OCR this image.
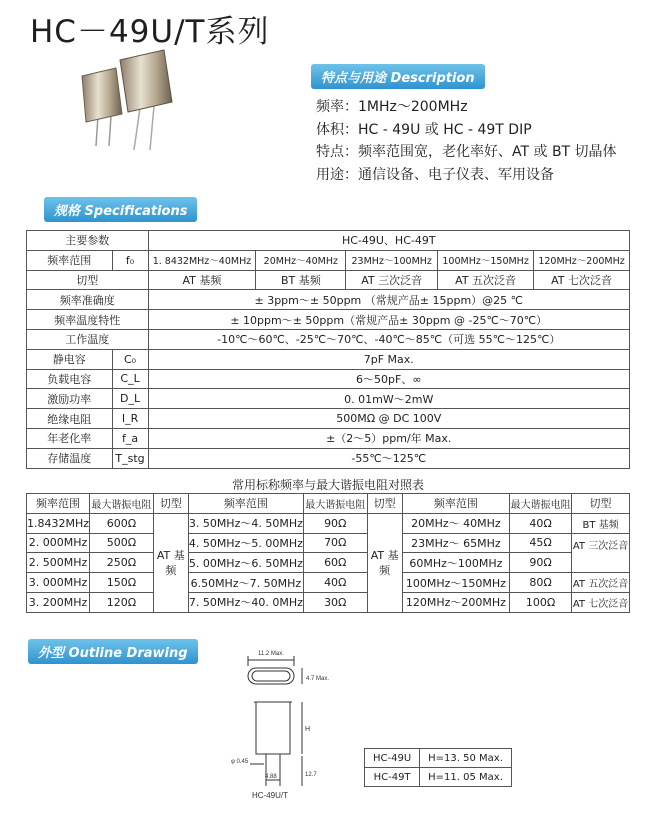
HC－49U/T系列
特点与用途 Description
频率：1MHz～200MHz
体积：HC - 49U 或 HC - 49T DIP
特点：频率范围宽，老化率好、AT 或 BT 切晶体
用途：通信设备、电子仪表、军用设备
规格 Specifications
主要参数		HC-49U、HC-49T				
频率范围	f₀	1. 8432MHz～40MHz	20MHz～40MHz	23MHz～100MHz	100MHz～150MHz	120MHz～200MHz
切型		AT 基频	BT 基频	AT 三次泛音	AT 五次泛音	AT 七次泛音
频率准确度		± 3ppm～± 50ppm （常规产品± 15ppm）@25 ℃				
频率温度特性		± 10ppm～± 50ppm（常规产品± 30ppm @ -25℃～70℃）				
工作温度		-10℃～60℃、-25℃～70℃、-40℃～85℃（可选 55℃～125℃）				
静电容	C₀	7pF Max.				
负载电容	C_L	6～50pF、∞				
激励功率	D_L	0. 01mW～2mW				
绝缘电阻	I_R	500MΩ @ DC 100V				
年老化率	f_a	±（2～5）ppm/年 Max.				
存储温度	T_stg	-55℃～125℃				
常用标称频率与最大谐振电阻对照表
频率范围	最大谐振电阻	切型	频率范围	最大谐振电阻	切型	频率范围	最大谐振电阻	切型
1.8432MHz	600Ω	AT 基频	3. 50MHz～4. 50MHz	90Ω	AT 基频	20MHz～ 40MHz	40Ω	BT 基频
2. 000MHz	500Ω		4. 50MHz～5. 00MHz	70Ω		23MHz～ 65MHz	45Ω	AT 三次泛音
2. 500MHz	250Ω		5. 00MHz～6. 50MHz	60Ω		60MHz～100MHz	90Ω	
3. 000MHz	150Ω		6.50MHz～7. 50MHz	40Ω		100MHz～150MHz	80Ω	AT 五次泛音
3. 200MHz	120Ω		7. 50MHz～40. 0MHz	30Ω		120MHz～200MHz	100Ω	AT 七次泛音
外型 Outline Drawing	11.2 Max.
4.7 Max.
H
12.7
φ 0.45
4.88
HC-49U/T
HC-49U	H=13. 50 Max.
HC-49T	H=11. 05 Max.
